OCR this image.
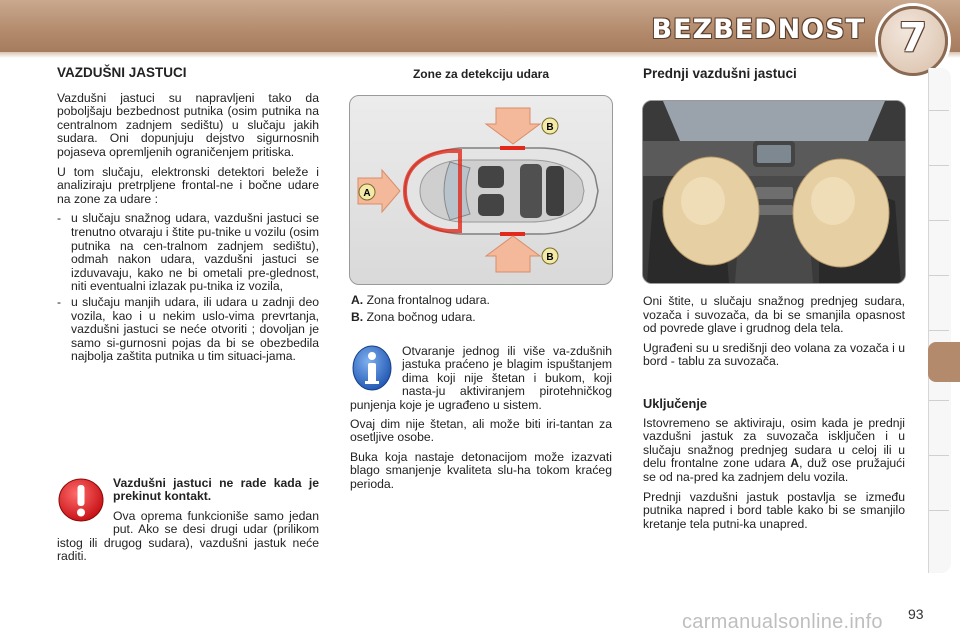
BEZBEDNOST 7
VAZDUŠNI JASTUCI

Vazdušni jastuci su napravljeni tako da poboljšaju bezbednost putnika (osim putnika na centralnom zadnjem sedištu) u slučaju jakih sudara. Oni dopunjuju dejstvo sigurnosnih pojaseva opremljenih ograničenjem pritiska.

U tom slučaju, elektronski detektori beleže i analiziraju pretrpljene frontal-ne i bočne udare na zone za udare :

- u slučaju snažnog udara, vazdušni jastuci se trenutno otvaraju i štite pu-tnike u vozilu (osim putnika na cen-tralnom zadnjem sedištu), odmah nakon udara, vazdušni jastuci se izduvavaju, kako ne bi ometali pre-glednost, niti eventualni izlazak pu-tnika iz vozila,
- u slučaju manjih udara, ili udara u zadnji deo vozila, kao i u nekim uslo-vima prevrtanja, vazdušni jastuci se neće otvoriti ; dovoljan je samo si-gurnosni pojas da bi se obezbedila najbolja zaštita putnika u tim situaci-jama.
Vazdušni jastuci ne rade kada je prekinut kontakt.
Ova oprema funkcioniše samo jedan put. Ako se desi drugi udar (prilikom istog ili drugog sudara), vazdušni jastuk neće raditi.
Zone za detekciju udara
A
B
B
A. Zona frontalnog udara.
B. Zona bočnog udara.

Otvaranje jednog ili više va-zdušnih jastuka praćeno je blagim ispuštanjem dima koji nije štetan i bukom, koji nasta-ju aktiviranjem pirotehničkog punjenja koje je ugrađeno u sistem.

Ovaj dim nije štetan, ali može biti iri-tantan za osetljive osobe.

Buka koja nastaje detonacijom može izazvati blago smanjenje kvaliteta slu-ha tokom kraćeg perioda.

Prednji vazdušni jastuci

Oni štite, u slučaju snažnog prednjeg sudara, vozača i suvozača, da bi se smanjila opasnost od povrede glave i grudnog dela tela.

Ugrađeni su u središnji deo volana za vozača i u bord - tablu za suvozača.

Uključenje

Istovremeno se aktiviraju, osim kada je prednji vazdušni jastuk za suvozača isključen i u slučaju snažnog prednjeg sudara u celoj ili u delu frontalne zone udara A, duž ose pružajući se od na-pred ka zadnjem delu vozila.

Prednji vazdušni jastuk postavlja se između putnika napred i bord table kako bi se smanjilo kretanje tela putni-ka unapred.

carmanualsonline.info 93
